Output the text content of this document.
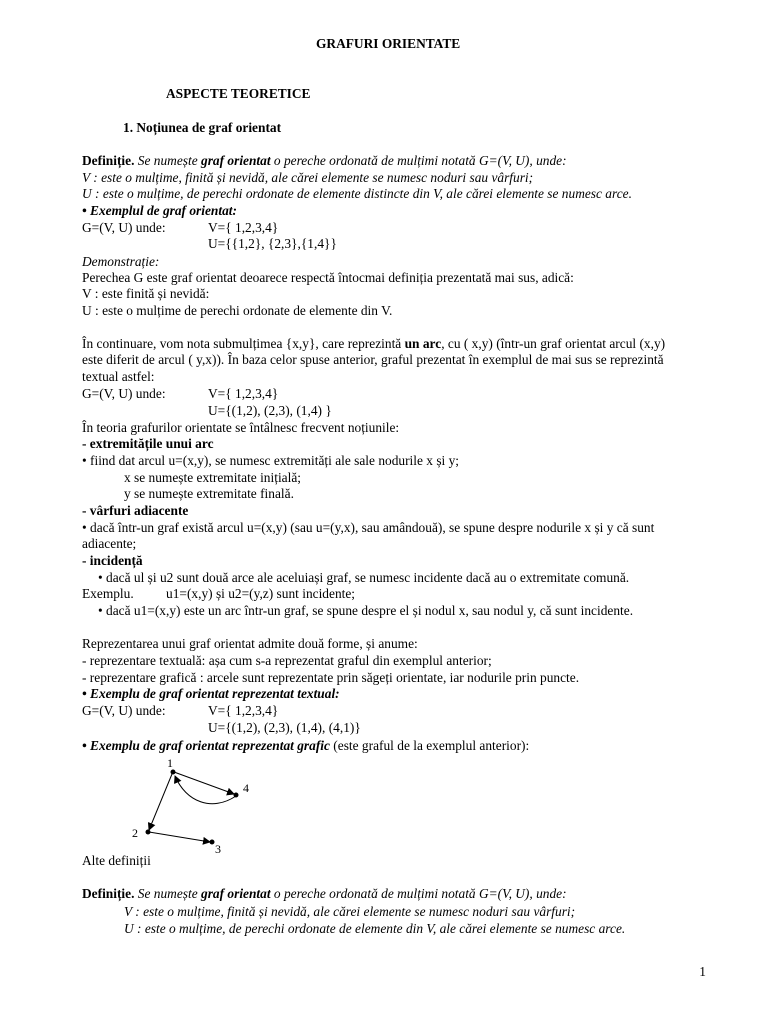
GRAFURI ORIENTATE
ASPECTE TEORETICE
1. Noțiunea de graf orientat
Definiție. Se numește graf orientat o pereche ordonată de mulțimi notată G=(V, U), unde:
V : este o mulțime, finită și nevidă, ale cărei elemente se numesc noduri sau vârfuri;
U : este o mulțime, de perechi ordonate de elemente distincte din V, ale cărei elemente se numesc arce.
• Exemplul de graf orientat:
G=(V, U) unde:	V={ 1,2,3,4}
U={{1,2}, {2,3},{1,4}}
Demonstrație:
Perechea G este graf orientat deoarece respectă întocmai definiția prezentată mai sus, adică:
V : este finită și nevidă:
U : este o mulțime de perechi ordonate de elemente din V.
În continuare, vom nota submulțimea {x,y}, care reprezintă un arc, cu ( x,y) (într-un graf orientat arcul (x,y)
este diferit de arcul ( y,x)). În baza celor spuse anterior, graful prezentat în exemplul de mai sus se reprezintă
textual astfel:
G=(V, U) unde:	V={ 1,2,3,4}
U={(1,2), (2,3), (1,4) }
În teoria grafurilor orientate se întâlnesc frecvent noțiunile:
- extremitățile unui arc
• fiind dat arcul u=(x,y), se numesc extremități ale sale nodurile x și y;
x se numește extremitate inițială;
y se numește extremitate finală.
- vârfuri adiacente
• dacă într-un graf există arcul u=(x,y) (sau u=(y,x), sau amândouă), se spune despre nodurile x și y că sunt
adiacente;
- incidență
• dacă ul și u2 sunt două arce ale aceluiași graf, se numesc incidente dacă au o extremitate comună.
Exemplu. u1=(x,y) și u2=(y,z) sunt incidente;
• dacă u1=(x,y) este un arc într-un graf, se spune despre el și nodul x, sau nodul y, că sunt incidente.
Reprezentarea unui graf orientat admite două forme, și anume:
- reprezentare textuală: așa cum s-a reprezentat graful din exemplul anterior;
- reprezentare grafică : arcele sunt reprezentate prin săgeți orientate, iar nodurile prin puncte.
• Exemplu de graf orientat reprezentat textual:
G=(V, U) unde:	V={ 1,2,3,4}
U={(1,2), (2,3), (1,4), (4,1)}
• Exemplu de graf orientat reprezentat grafic (este graful de la exemplul anterior):
1
2
3
4
Alte definiții
Definiție. Se numește graf orientat o pereche ordonată de mulțimi notată G=(V, U), unde:
V : este o mulțime, finită și nevidă, ale cărei elemente se numesc noduri sau vârfuri;
U : este o mulțime, de perechi ordonate de elemente din V, ale cărei elemente se numesc arce.
1
